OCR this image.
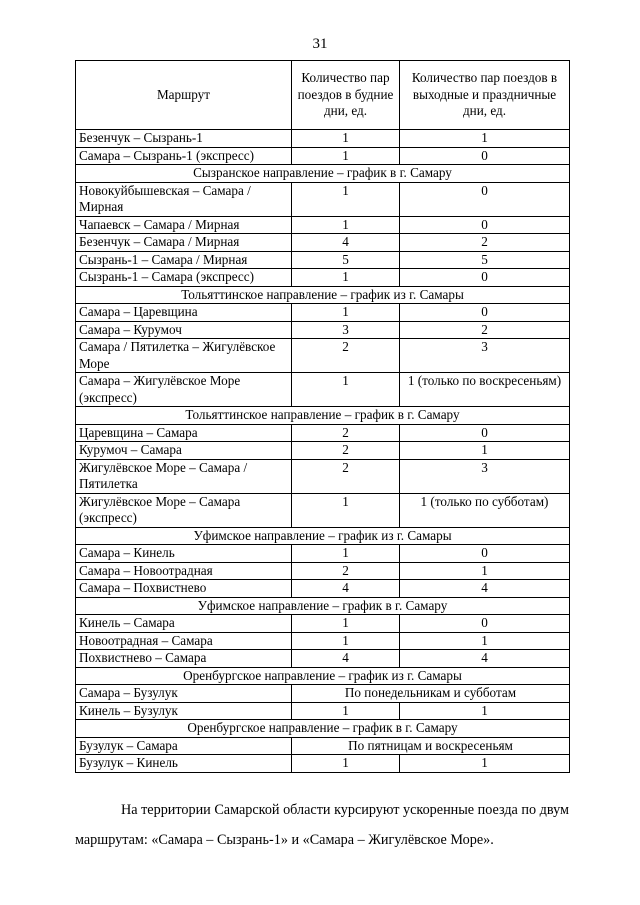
31
Маршрут	Количество пар поездов в будние дни, ед.	Количество пар поездов в выходные и праздничные дни, ед.
Безенчук – Сызрань-1	1	1
Самара – Сызрань-1 (экспресс)	1	0
Сызранское направление – график в г. Самару		
Новокуйбышевская – Самара / Мирная	1	0
Чапаевск – Самара / Мирная	1	0
Безенчук – Самара / Мирная	4	2
Сызрань-1 – Самара / Мирная	5	5
Сызрань-1 – Самара (экспресс)	1	0
Тольяттинское направление – график из г. Самары		
Самара – Царевщина	1	0
Самара – Курумоч	3	2
Самара / Пятилетка – Жигулёвское Море	2	3
Самара – Жигулёвское Море (экспресс)	1	1 (только по воскресеньям)
Тольяттинское направление – график в г. Самару		
Царевщина – Самара	2	0
Курумоч – Самара	2	1
Жигулёвское Море – Самара / Пятилетка	2	3
Жигулёвское Море – Самара (экспресс)	1	1 (только по субботам)
Уфимское направление – график из г. Самары		
Самара – Кинель	1	0
Самара – Новоотрадная	2	1
Самара – Похвистнево	4	4
Уфимское направление – график в г. Самару		
Кинель – Самара	1	0
Новоотрадная – Самара	1	1
Похвистнево – Самара	4	4
Оренбургское направление – график из г. Самары		
Самара – Бузулук	По понедельникам и субботам	
Кинель – Бузулук	1	1
Оренбургское направление – график в г. Самару		
Бузулук – Самара	По пятницам и воскресеньям	
Бузулук – Кинель	1	1
На территории Самарской области курсируют ускоренные поезда по двум маршрутам: «Самара – Сызрань-1» и «Самара – Жигулёвское Море».
